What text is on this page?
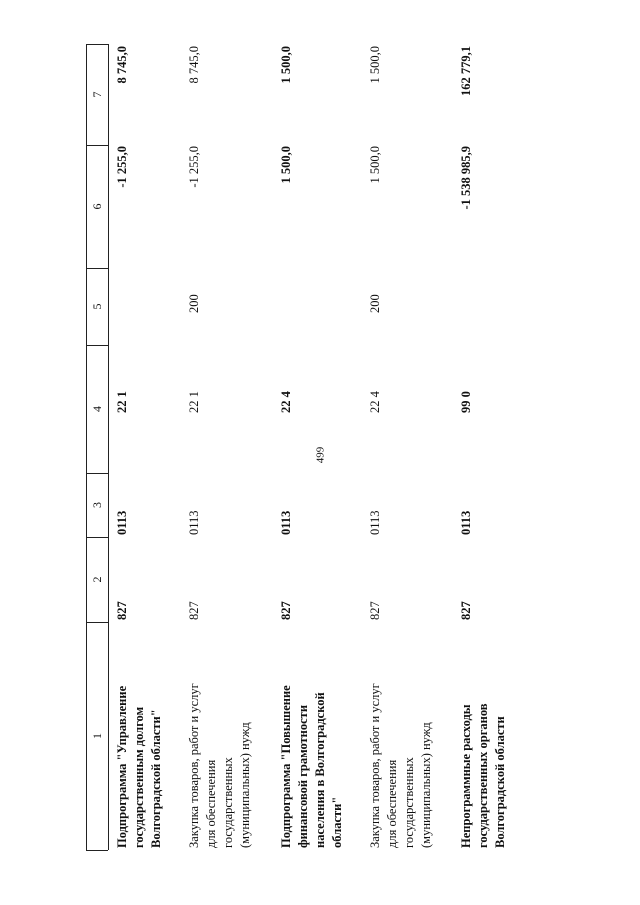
499
1
2
3
4
5
6
7
Подпрограмма "Управление государственным долгом Волгоградской области"
827
0113
22 1
-1 255,0
8 745,0
Закупка товаров, работ и услуг для обеспечения государственных (муниципальных) нужд
827
0113
22 1
200
-1 255,0
8 745,0
Подпрограмма "Повышение финансовой грамотности населения в Волгоградской области"
827
0113
22 4
1 500,0
1 500,0
Закупка товаров, работ и услуг для обеспечения государственных (муниципальных) нужд
827
0113
22 4
200
1 500,0
1 500,0
Непрограммные расходы государственных органов Волгоградской области
827
0113
99 0
-1 538 985,9
162 779,1
